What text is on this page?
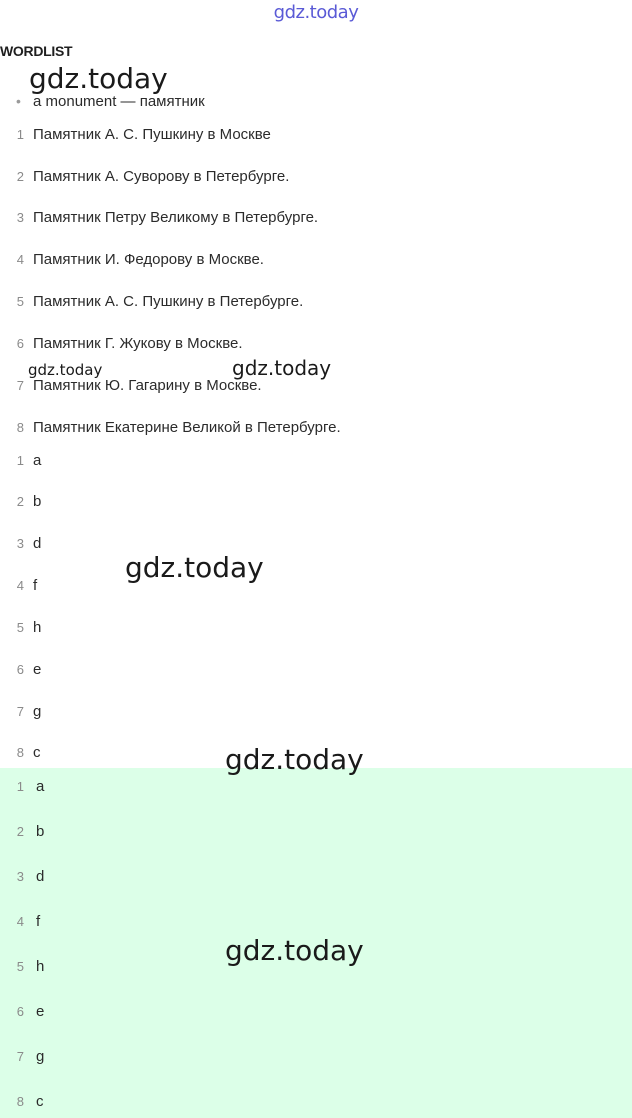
gdz.today
WORDLIST
gdz.today
• a monument — памятник
1 Памятник А. С. Пушкину в Москве
2 Памятник А. Суворову в Петербурге.
3 Памятник Петру Великому в Петербурге.
4 Памятник И. Федорову в Москве.
5 Памятник А. С. Пушкину в Петербурге.
6 Памятник Г. Жукову в Москве.
7 Памятник Ю. Гагарину в Москве.
8 Памятник Екатерине Великой в Петербурге.
gdz.today	gdz.today
1 a
2 b
3 d
4 f
5 h
6 e
7 g
8 c
gdz.today
1 a
2 b
3 d
4 f
5 h
6 e
7 g
8 c
gdz.today
gdz.today
